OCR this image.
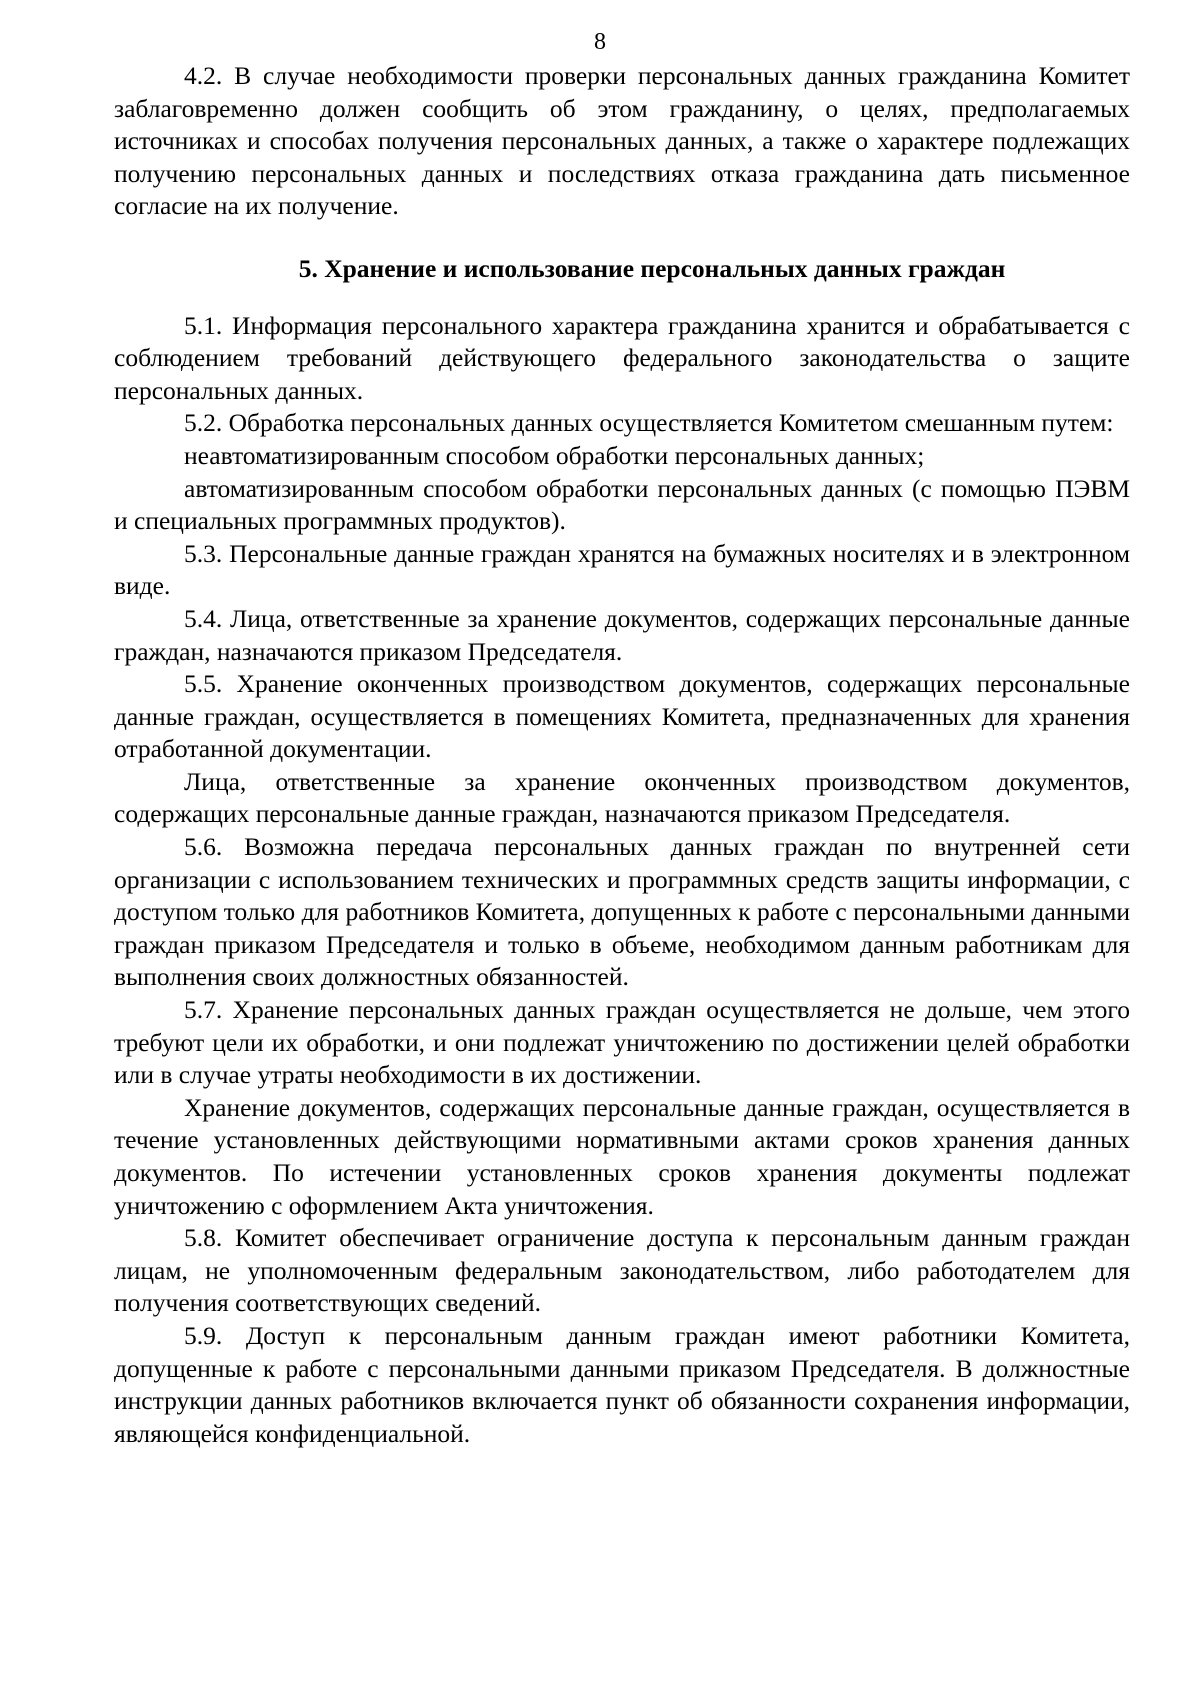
8

4.2. В случае необходимости проверки персональных данных гражданина Комитет заблаговременно должен сообщить об этом гражданину, о целях, предполагаемых источниках и способах получения персональных данных, а также о характере подлежащих получению персональных данных и последствиях отказа гражданина дать письменное согласие на их получение.

5. Хранение и использование персональных данных граждан

5.1. Информация персонального характера гражданина хранится и обрабатывается с соблюдением требований действующего федерального законодательства о защите персональных данных.

5.2. Обработка персональных данных осуществляется Комитетом смешанным путем:

неавтоматизированным способом обработки персональных данных;

автоматизированным способом обработки персональных данных (с помощью ПЭВМ и специальных программных продуктов).

5.3. Персональные данные граждан хранятся на бумажных носителях и в электронном виде.

5.4. Лица, ответственные за хранение документов, содержащих персональные данные граждан, назначаются приказом Председателя.

5.5. Хранение оконченных производством документов, содержащих персональные данные граждан, осуществляется в помещениях Комитета, предназначенных для хранения отработанной документации.

Лица, ответственные за хранение оконченных производством документов, содержащих персональные данные граждан, назначаются приказом Председателя.

5.6. Возможна передача персональных данных граждан по внутренней сети организации с использованием технических и программных средств защиты информации, с доступом только для работников Комитета, допущенных к работе с персональными данными граждан приказом Председателя и только в объеме, необходимом данным работникам для выполнения своих должностных обязанностей.

5.7. Хранение персональных данных граждан осуществляется не дольше, чем этого требуют цели их обработки, и они подлежат уничтожению по достижении целей обработки или в случае утраты необходимости в их достижении.

Хранение документов, содержащих персональные данные граждан, осуществляется в течение установленных действующими нормативными актами сроков хранения данных документов. По истечении установленных сроков хранения документы подлежат уничтожению с оформлением Акта уничтожения.

5.8. Комитет обеспечивает ограничение доступа к персональным данным граждан лицам, не уполномоченным федеральным законодательством, либо работодателем для получения соответствующих сведений.

5.9. Доступ к персональным данным граждан имеют работники Комитета, допущенные к работе с персональными данными приказом Председателя. В должностные инструкции данных работников включается пункт об обязанности сохранения информации, являющейся конфиденциальной.
